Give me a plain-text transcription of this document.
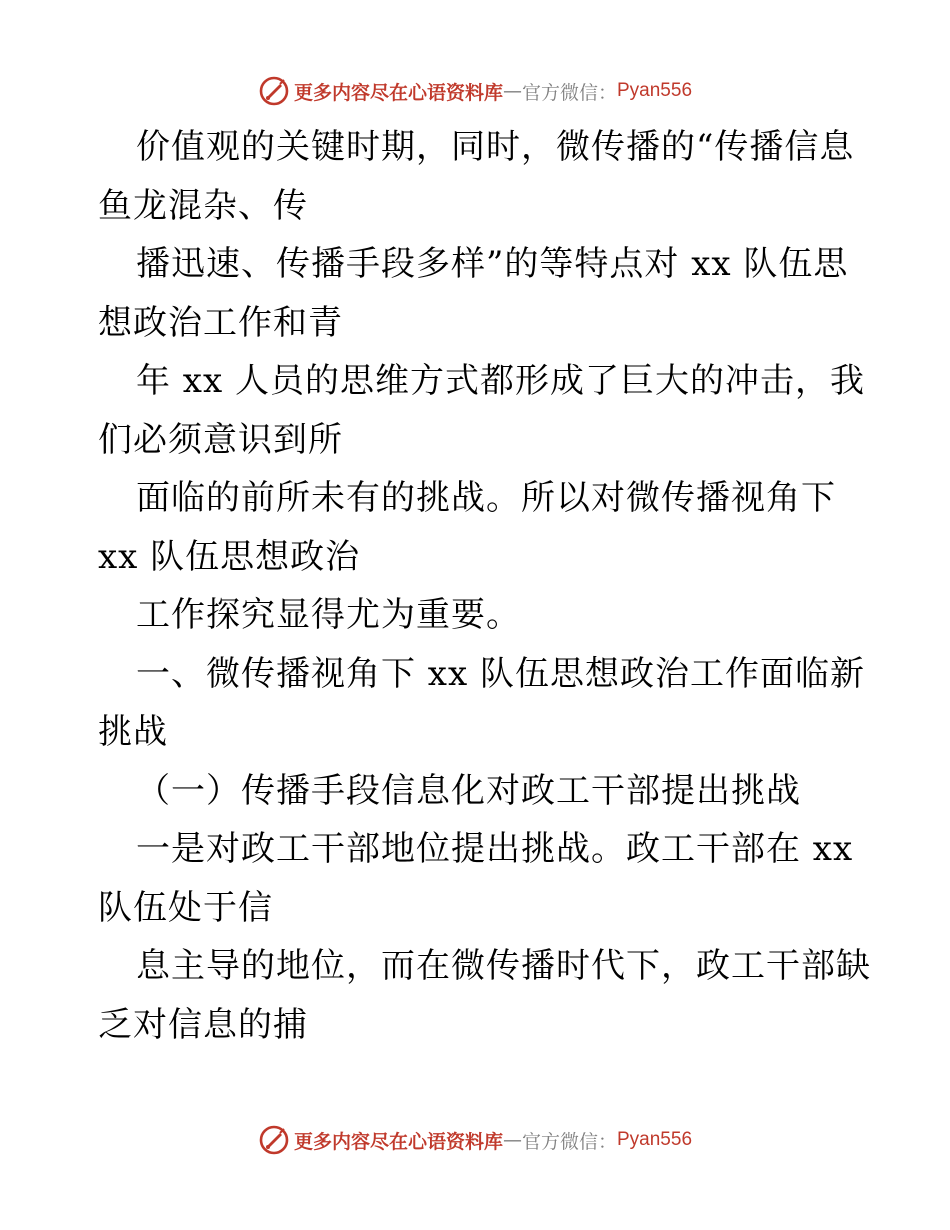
更多内容尽在心语资料库 — 官方微信： Pyan556
价值观的关键时期，同时，微传播的“传播信息
鱼龙混杂、传
播迅速、传播手段多样”的等特点对 xx 队伍思
想政治工作和青
年 xx 人员的思维方式都形成了巨大的冲击，我
们必须意识到所
面临的前所未有的挑战。所以对微传播视角下
xx 队伍思想政治
工作探究显得尤为重要。
一、微传播视角下 xx 队伍思想政治工作面临新
挑战
（一）传播手段信息化对政工干部提出挑战
一是对政工干部地位提出挑战。政工干部在 xx
队伍处于信
息主导的地位，而在微传播时代下，政工干部缺
乏对信息的捕
更多内容尽在心语资料库 — 官方微信： Pyan556
